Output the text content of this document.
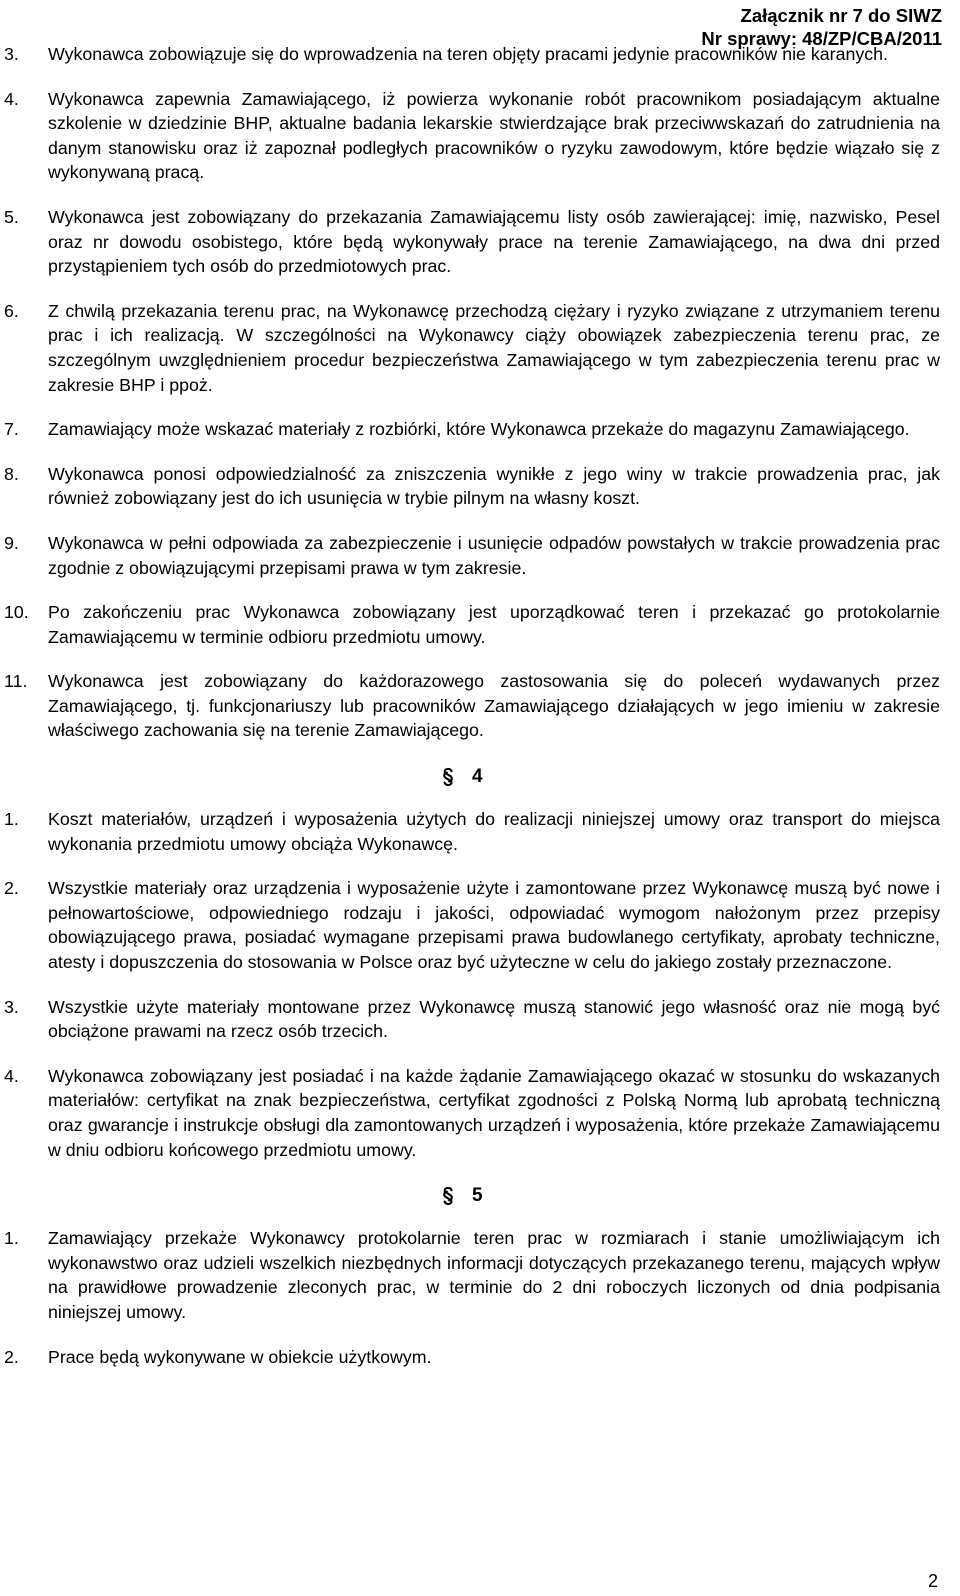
Załącznik nr 7 do SIWZ
Nr sprawy: 48/ZP/CBA/2011
3. Wykonawca zobowiązuje się do wprowadzenia na teren objęty pracami jedynie pracowników nie karanych.
4. Wykonawca zapewnia Zamawiającego, iż powierza wykonanie robót pracownikom posiadającym aktualne szkolenie w dziedzinie BHP, aktualne badania lekarskie stwierdzające brak przeciwwskazań do zatrudnienia na danym stanowisku oraz iż zapoznał podległych pracowników o ryzyku zawodowym, które będzie wiązało się z wykonywaną pracą.
5. Wykonawca jest zobowiązany do przekazania Zamawiającemu listy osób zawierającej: imię, nazwisko, Pesel oraz nr dowodu osobistego, które będą wykonywały prace na terenie Zamawiającego, na dwa dni przed przystąpieniem tych osób do przedmiotowych prac.
6. Z chwilą przekazania terenu prac, na Wykonawcę przechodzą ciężary i ryzyko związane z utrzymaniem terenu prac i ich realizacją. W szczególności na Wykonawcy ciąży obowiązek zabezpieczenia terenu prac, ze szczególnym uwzględnieniem procedur bezpieczeństwa Zamawiającego w tym zabezpieczenia terenu prac w zakresie BHP i ppoż.
7. Zamawiający może wskazać materiały z rozbiórki, które Wykonawca przekaże do magazynu Zamawiającego.
8. Wykonawca ponosi odpowiedzialność za zniszczenia wynikłe z jego winy w trakcie prowadzenia prac, jak również zobowiązany jest do ich usunięcia w trybie pilnym na własny koszt.
9. Wykonawca w pełni odpowiada za zabezpieczenie i usunięcie odpadów powstałych w trakcie prowadzenia prac zgodnie z obowiązującymi przepisami prawa w tym zakresie.
10. Po zakończeniu prac Wykonawca zobowiązany jest uporządkować teren i przekazać go protokolarnie Zamawiającemu w terminie odbioru przedmiotu umowy.
11. Wykonawca jest zobowiązany do każdorazowego zastosowania się do poleceń wydawanych przez Zamawiającego, tj. funkcjonariuszy lub pracowników Zamawiającego działających w jego imieniu w zakresie właściwego zachowania się na terenie Zamawiającego.
4
1. Koszt materiałów, urządzeń i wyposażenia użytych do realizacji niniejszej umowy oraz transport do miejsca wykonania przedmiotu umowy obciąża Wykonawcę.
2. Wszystkie materiały oraz urządzenia i wyposażenie użyte i zamontowane przez Wykonawcę muszą być nowe i pełnowartościowe, odpowiedniego rodzaju i jakości, odpowiadać wymogom nałożonym przez przepisy obowiązującego prawa, posiadać wymagane przepisami prawa budowlanego certyfikaty, aprobaty techniczne, atesty i dopuszczenia do stosowania w Polsce oraz być użyteczne w celu do jakiego zostały przeznaczone.
3. Wszystkie użyte materiały montowane przez Wykonawcę muszą stanowić jego własność oraz nie mogą być obciążone prawami na rzecz osób trzecich.
4. Wykonawca zobowiązany jest posiadać i na każde żądanie Zamawiającego okazać w stosunku do wskazanych materiałów: certyfikat na znak bezpieczeństwa, certyfikat zgodności z Polską Normą lub aprobatą techniczną oraz gwarancje i instrukcje obsługi dla zamontowanych urządzeń i wyposażenia, które przekaże Zamawiającemu w dniu odbioru końcowego przedmiotu umowy.
5
1. Zamawiający przekaże Wykonawcy protokolarnie teren prac w rozmiarach i stanie umożliwiającym ich wykonawstwo oraz udzieli wszelkich niezbędnych informacji dotyczących przekazanego terenu, mających wpływ na prawidłowe prowadzenie zleconych prac, w terminie do 2 dni roboczych liczonych od dnia podpisania niniejszej umowy.
2. Prace będą wykonywane w obiekcie użytkowym.
2
